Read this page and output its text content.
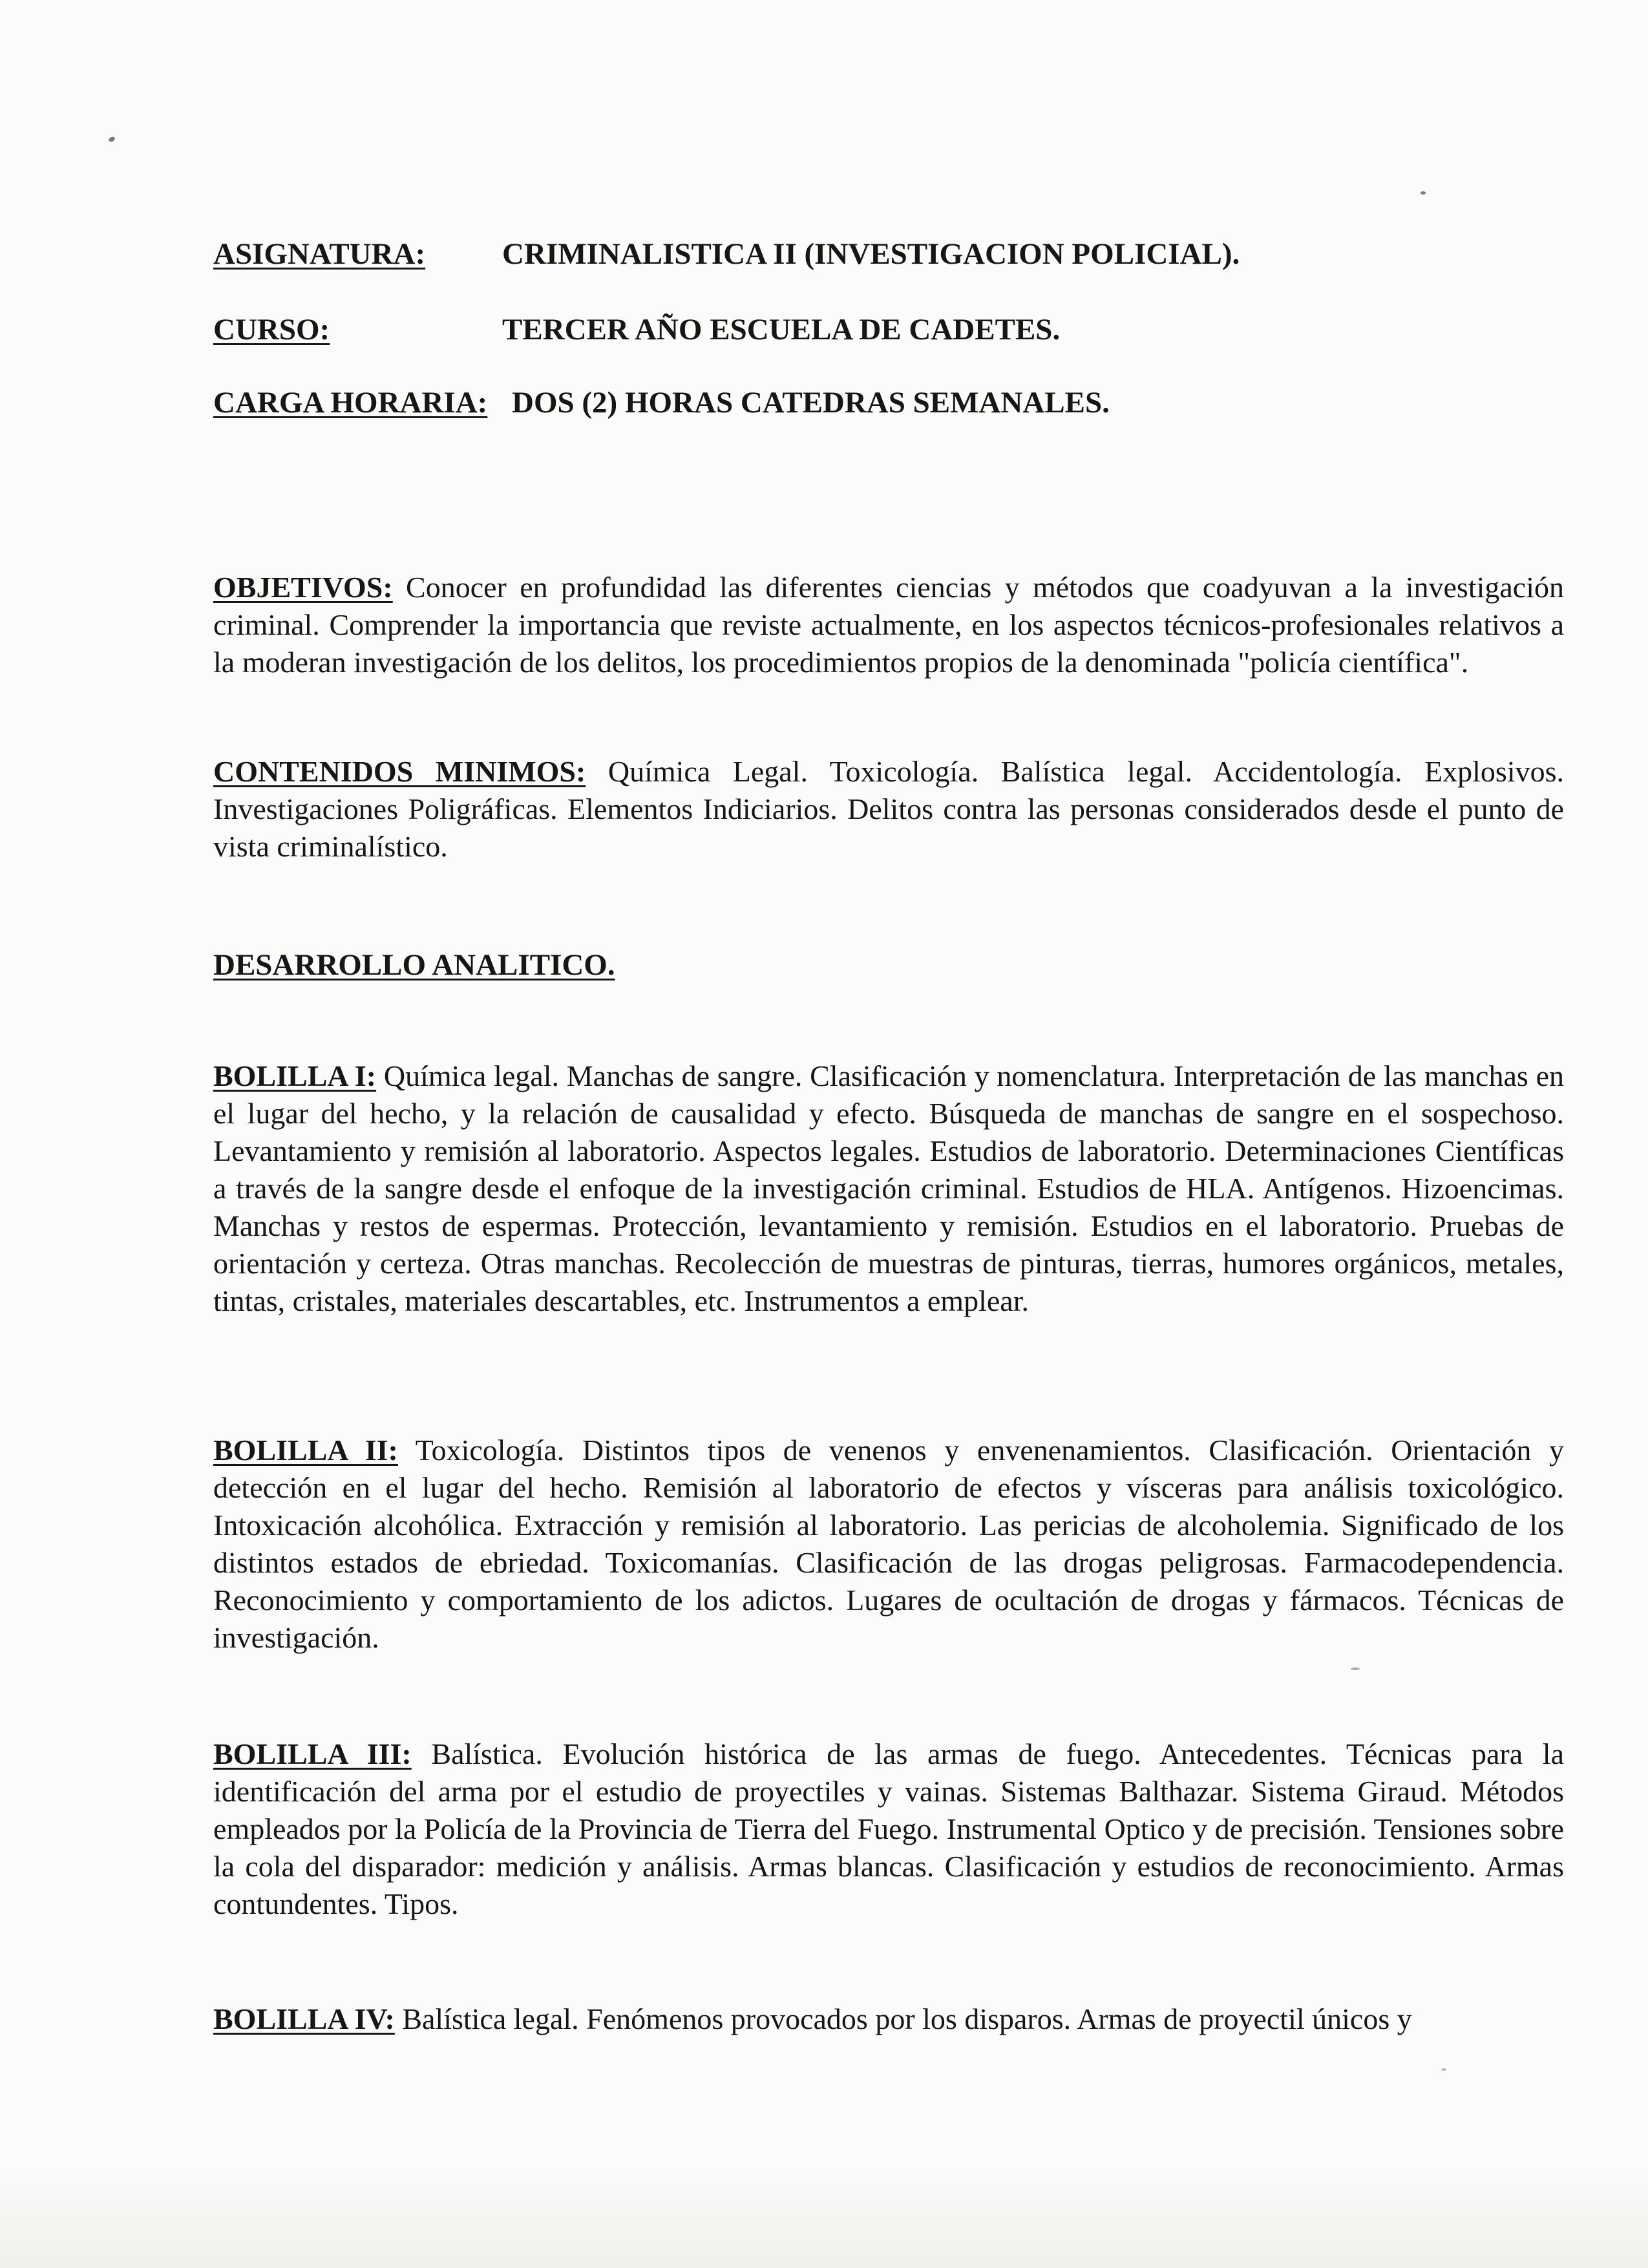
ASIGNATURA:	CRIMINALISTICA II (INVESTIGACION POLICIAL).
CURSO:	TERCER AÑO ESCUELA DE CADETES.
CARGA HORARIA: DOS (2) HORAS CATEDRAS SEMANALES.

OBJETIVOS: Conocer en profundidad las diferentes ciencias y métodos que coadyuvan a la investigación criminal. Comprender la importancia que reviste actualmente, en los aspectos técnicos-profesionales relativos a la moderan investigación de los delitos, los procedimientos propios de la denominada "policía científica".

CONTENIDOS MINIMOS: Química Legal. Toxicología. Balística legal. Accidentología. Explosivos. Investigaciones Poligráficas. Elementos Indiciarios. Delitos contra las personas considerados desde el punto de vista criminalístico.

DESARROLLO ANALITICO.

BOLILLA I: Química legal. Manchas de sangre. Clasificación y nomenclatura. Interpretación de las manchas en el lugar del hecho, y la relación de causalidad y efecto. Búsqueda de manchas de sangre en el sospechoso. Levantamiento y remisión al laboratorio. Aspectos legales. Estudios de laboratorio. Determinaciones Científicas a través de la sangre desde el enfoque de la investigación criminal. Estudios de HLA. Antígenos. Hizoencimas. Manchas y restos de espermas. Protección, levantamiento y remisión. Estudios en el laboratorio. Pruebas de orientación y certeza. Otras manchas. Recolección de muestras de pinturas, tierras, humores orgánicos, metales, tintas, cristales, materiales descartables, etc. Instrumentos a emplear.

BOLILLA II: Toxicología. Distintos tipos de venenos y envenenamientos. Clasificación. Orientación y detección en el lugar del hecho. Remisión al laboratorio de efectos y vísceras para análisis toxicológico. Intoxicación alcohólica. Extracción y remisión al laboratorio. Las pericias de alcoholemia. Significado de los distintos estados de ebriedad. Toxicomanías. Clasificación de las drogas peligrosas. Farmacodependencia. Reconocimiento y comportamiento de los adictos. Lugares de ocultación de drogas y fármacos. Técnicas de investigación.

BOLILLA III: Balística. Evolución histórica de las armas de fuego. Antecedentes. Técnicas para la identificación del arma por el estudio de proyectiles y vainas. Sistemas Balthazar. Sistema Giraud. Métodos empleados por la Policía de la Provincia de Tierra del Fuego. Instrumental Optico y de precisión. Tensiones sobre la cola del disparador: medición y análisis. Armas blancas. Clasificación y estudios de reconocimiento. Armas contundentes. Tipos.

BOLILLA IV: Balística legal. Fenómenos provocados por los disparos. Armas de proyectil únicos y
